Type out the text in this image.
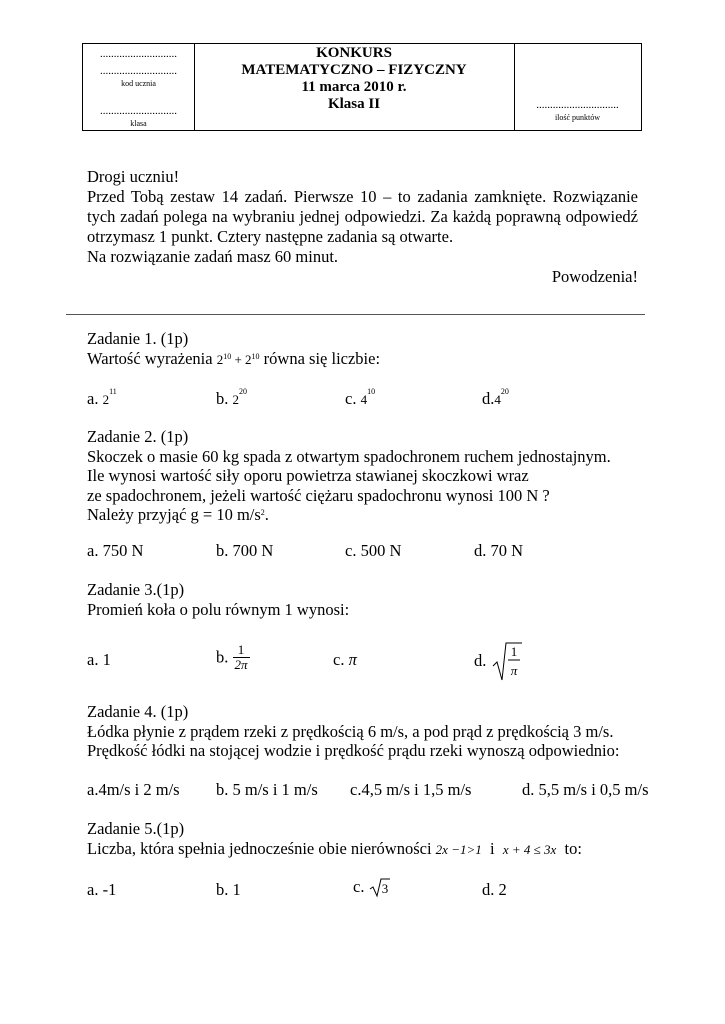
............................
............................
kod ucznia
............................
klasa
KONKURS
MATEMATYCZNO – FIZYCZNY
11 marca 2010 r.
Klasa II	..............................
ilość punktów

Drogi uczniu!

Przed Tobą zestaw 14 zadań. Pierwsze 10 – to zadania zamknięte. Rozwiązanie tych zadań polega na wybraniu jednej odpowiedzi. Za każdą poprawną odpowiedź otrzymasz 1 punkt. Cztery następne zadania są otwarte.

Na rozwiązanie zadań masz 60 minut.

Powodzenia!

Zadanie 1. (1p)
Wartość wyrażenia $2^{10} + 2^{10}$ równa się liczbie:
a. $2^{11}$	b. $2^{20}$	c. $4^{10}$	$d.4^{20}$
Zadanie 2. (1p)
Skoczek o masie 60 kg spada z otwartym spadochronem ruchem jednostajnym.
Ile wynosi wartość siły oporu powietrza stawianej skoczkowi wraz
ze spadochronem, jeżeli wartość ciężaru spadochronu wynosi 100 N ?
Należy przyjąć g = 10 $m/s^2$.
a. 750 N	b. 700 N	c. 500 N	d. 70 N
Zadanie 3.(1p)
Promień koła o polu równym 1 wynosi:
a. 1	b. $\frac{1}{2\pi}$	c. π	d. 1
π
Zadanie 4. (1p)
Łódka płynie z prądem rzeki z prędkością 6 m/s, a pod prąd z prędkością 3 m/s.
Prędkość łódki na stojącej wodzie i prędkość prądu rzeki wynoszą odpowiednio:
a.4m/s i 2 m/s b. 5 m/s i 1 m/s c.4,5 m/s i 1,5 m/s	d. 5,5 m/s i 0,5 m/s
Zadanie 5.(1p)
Liczba, która spełnia jednocześnie obie nierówności 2x −1>1 i x + 4 ≤ 3x to:
a. -1	b. 1	c. 3	d. 2
